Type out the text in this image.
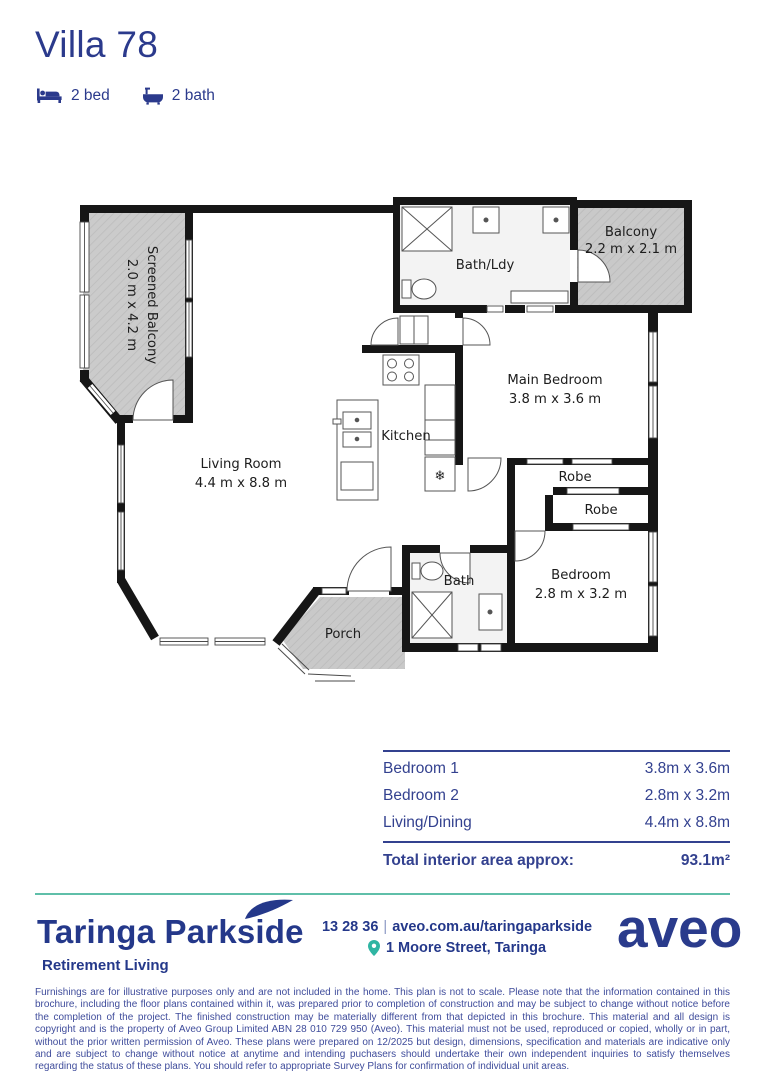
Villa 78
2 bed	2 bath
❄
Screened Balcony
2.0 m x 4.2 m	Bath/Ldy
Balcony
2.2 m x 2.1 m
Main Bedroom
3.8 m x 3.6 m
Robe
Robe
Bedroom
2.8 m x 3.2 m
Bath
Kitchen
Living Room
4.4 m x 8.8 m
Porch
Bedroom 1	3.8m x 3.6m
Bedroom 2	2.8m x 3.2m
Living/Dining	4.4m x 8.8m
Total interior area approx:	93.1m²
Taringa Parkside
Retirement Living
13 28 36 | aveo.com.au/taringaparkside
1 Moore Street, Taringa aveo
Furnishings are for illustrative purposes only and are not included in the home. This plan is not to scale. Please note that the information contained in this brochure, including the floor plans contained within it, was prepared prior to completion of construction and may be subject to change without notice before the completion of the project. The finished construction may be materially different from that depicted in this brochure. This material and all design is copyright and is the property of Aveo Group Limited ABN 28 010 729 950 (Aveo). This material must not be used, reproduced or copied, wholly or in part, without the prior written permission of Aveo. These plans were prepared on 12/2025 but design, dimensions, specification and materials are indicative only and are subject to change without notice at anytime and intending puchasers should undertake their own independent inquiries to satisfy themselves regarding the status of these plans. You should refer to appropriate Survey Plans for confirmation of individual unit areas.
